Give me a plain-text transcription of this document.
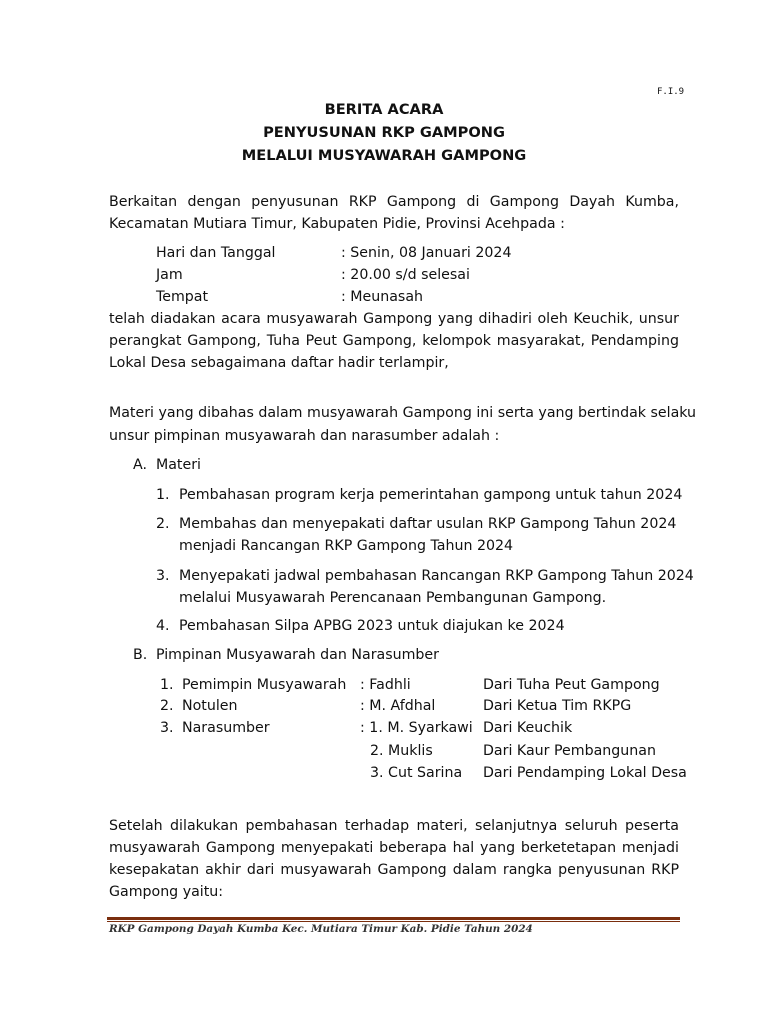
F.I.9
BERITA ACARA
PENYUSUNAN RKP GAMPONG
MELALUI MUSYAWARAH GAMPONG
Berkaitan dengan penyusunan RKP Gampong di Gampong Dayah Kumba,
Kecamatan Mutiara Timur, Kabupaten Pidie, Provinsi Acehpada :
Hari dan Tanggal	: Senin, 08 Januari 2024
Jam	: 20.00 s/d selesai
Tempat	: Meunasah
telah diadakan acara musyawarah Gampong yang dihadiri oleh Keuchik, unsur
perangkat Gampong, Tuha Peut Gampong, kelompok masyarakat, Pendamping
Lokal Desa sebagaimana daftar hadir terlampir,
Materi yang dibahas dalam musyawarah Gampong ini serta yang bertindak selaku
unsur pimpinan musyawarah dan narasumber adalah :
A. Materi
1. Pembahasan program kerja pemerintahan gampong untuk tahun 2024
2. Membahas dan menyepakati daftar usulan RKP Gampong Tahun 2024
menjadi Rancangan RKP Gampong Tahun 2024
3. Menyepakati jadwal pembahasan Rancangan RKP Gampong Tahun 2024
melalui Musyawarah Perencanaan Pembangunan Gampong.
4. Pembahasan Silpa APBG 2023 untuk diajukan ke 2024
B. Pimpinan Musyawarah dan Narasumber
1. Pemimpin Musyawarah : Fadhli	Dari Tuha Peut Gampong
2. Notulen	: M. Afdhal	Dari Ketua Tim RKPG
3. Narasumber	: 1. M. Syarkawi Dari Keuchik
2. Muklis	Dari Kaur Pembangunan
3. Cut Sarina Dari Pendamping Lokal Desa
Setelah dilakukan pembahasan terhadap materi, selanjutnya seluruh peserta
musyawarah Gampong menyepakati beberapa hal yang berketetapan menjadi
kesepakatan akhir dari musyawarah Gampong dalam rangka penyusunan RKP
Gampong yaitu:
RKP Gampong Dayah Kumba Kec. Mutiara Timur Kab. Pidie Tahun 2024
